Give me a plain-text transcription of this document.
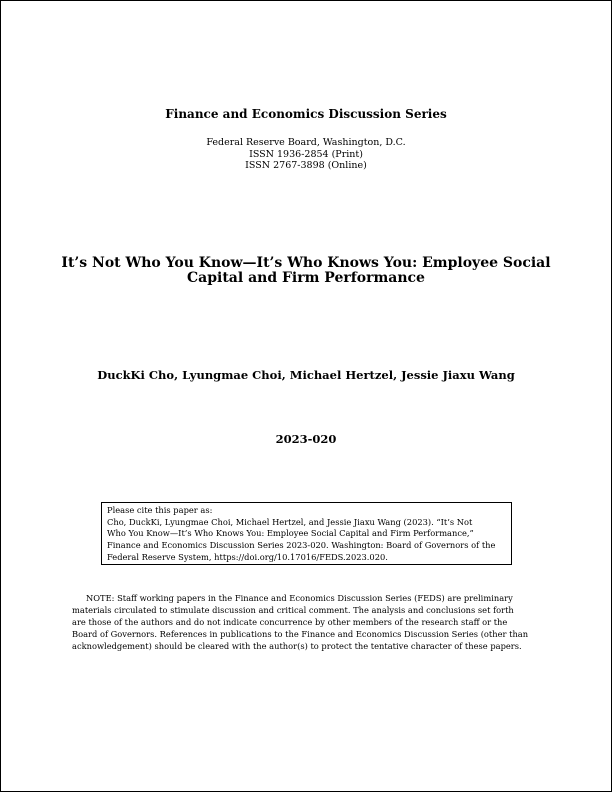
Finance and Economics Discussion Series
Federal Reserve Board, Washington, D.C.
ISSN 1936-2854 (Print)
ISSN 2767-3898 (Online)
It’s Not Who You Know—It’s Who Knows You: Employee Social
Capital and Firm Performance
DuckKi Cho, Lyungmae Choi, Michael Hertzel, Jessie Jiaxu Wang
2023-020
Please cite this paper as:
Cho, DuckKi, Lyungmae Choi, Michael Hertzel, and Jessie Jiaxu Wang (2023). “It’s Not
Who You Know—It’s Who Knows You: Employee Social Capital and Firm Performance,”
Finance and Economics Discussion Series 2023-020. Washington: Board of Governors of the
Federal Reserve System, https://doi.org/10.17016/FEDS.2023.020.
NOTE: Staff working papers in the Finance and Economics Discussion Series (FEDS) are preliminary
materials circulated to stimulate discussion and critical comment. The analysis and conclusions set forth
are those of the authors and do not indicate concurrence by other members of the research staff or the
Board of Governors. References in publications to the Finance and Economics Discussion Series (other than
acknowledgement) should be cleared with the author(s) to protect the tentative character of these papers.
